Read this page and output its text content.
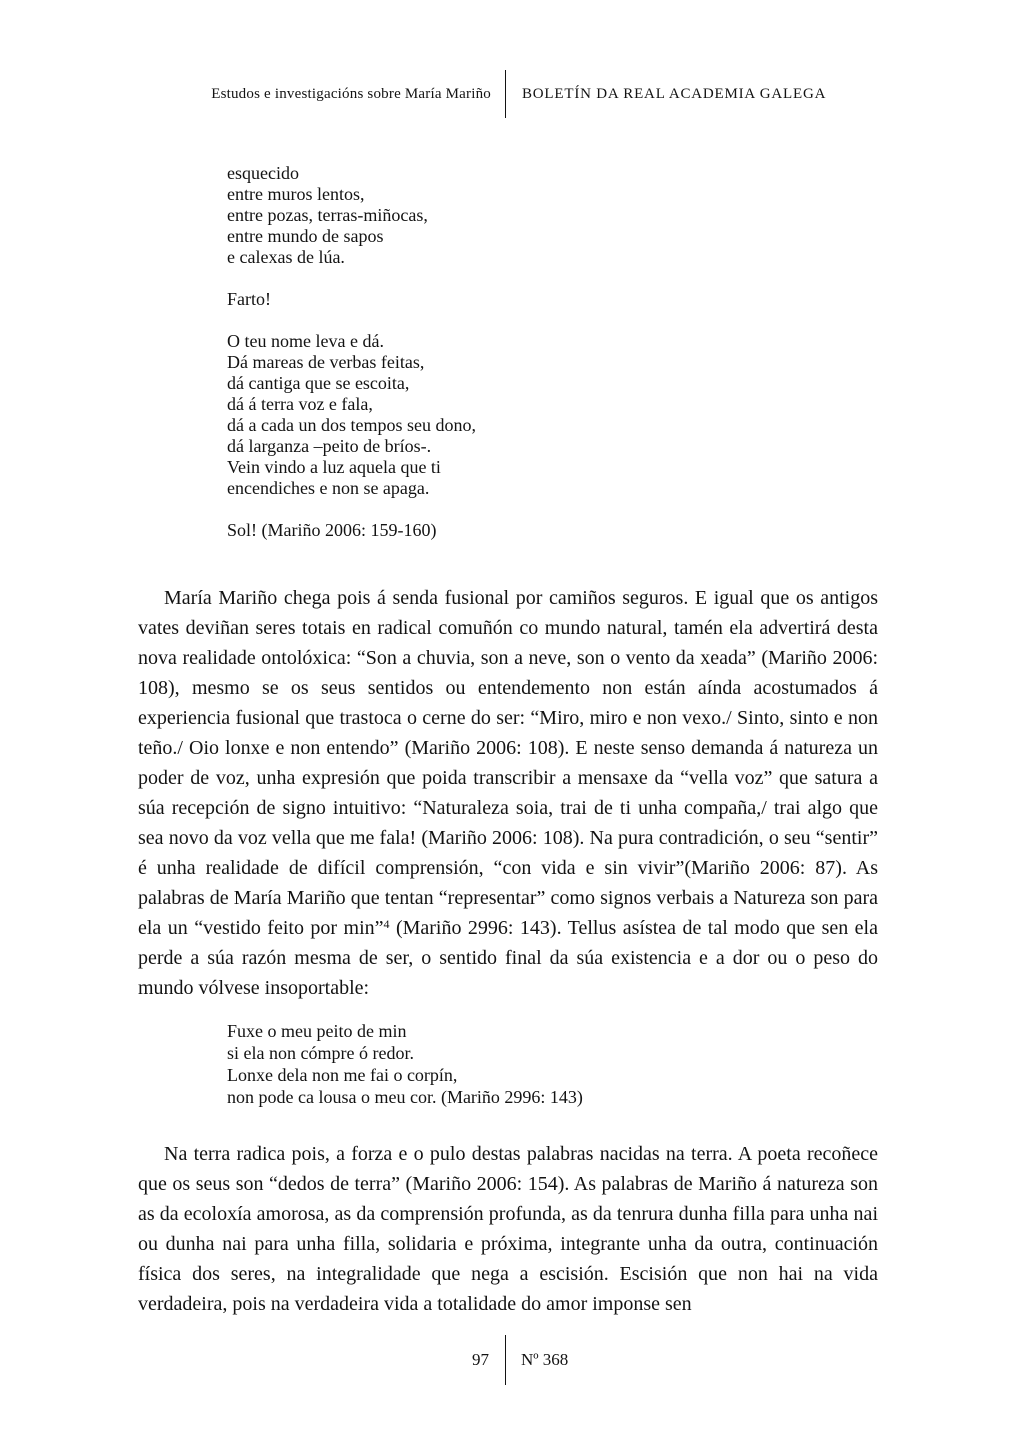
Estudos e investigacións sobre María Mariño	BOLETÍN DA REAL ACADEMIA GALEGA
esquecido
entre muros lentos,
entre pozas, terras-miñocas,
entre mundo de sapos
e calexas de lúa.
Farto!
O teu nome leva e dá.
Dá mareas de verbas feitas,
dá cantiga que se escoita,
dá á terra voz e fala,
dá a cada un dos tempos seu dono,
dá larganza –peito de bríos-.
Vein vindo a luz aquela que ti
encendiches e non se apaga.
Sol! (Mariño 2006: 159-160)

María Mariño chega pois á senda fusional por camiños seguros. E igual que os antigos vates deviñan seres totais en radical comuñón co mundo natural, tamén ela advertirá desta nova realidade ontolóxica: “Son a chuvia, son a neve, son o vento da xeada” (Mariño 2006: 108), mesmo se os seus sentidos ou entendemento non están aínda acostumados á experiencia fusional que trastoca o cerne do ser: “Miro, miro e non vexo./ Sinto, sinto e non teño./ Oio lonxe e non entendo” (Mariño 2006: 108). E neste senso demanda á natureza un poder de voz, unha expresión que poida transcribir a mensaxe da “vella voz” que satura a súa recepción de signo intuitivo: “Naturaleza soia, trai de ti unha compaña,/ trai algo que sea novo da voz vella que me fala! (Mariño 2006: 108). Na pura contradición, o seu “sentir” é unha realidade de difícil comprensión, “con vida e sin vivir”(Mariño 2006: 87). As palabras de María Mariño que tentan “representar” como signos verbais a Natureza son para ela un “vestido feito por min”$^4$ (Mariño 2996: 143). Tellus asístea de tal modo que sen ela perde a súa razón mesma de ser, o sentido final da súa existencia e a dor ou o peso do mundo vólvese insoportable:

Fuxe o meu peito de min
si ela non cómpre ó redor.
Lonxe dela non me fai o corpín,
non pode ca lousa o meu cor. (Mariño 2996: 143)

Na terra radica pois, a forza e o pulo destas palabras nacidas na terra. A poeta recoñece que os seus son “dedos de terra” (Mariño 2006: 154). As palabras de Mariño á natureza son as da ecoloxía amorosa, as da comprensión profunda, as da tenrura dunha filla para unha nai ou dunha nai para unha filla, solidaria e próxima, integrante unha da outra, continuación física dos seres, na integralidade que nega a escisión. Escisión que non hai na vida verdadeira, pois na verdadeira vida a totalidade do amor imponse sen

97	Nº 368
